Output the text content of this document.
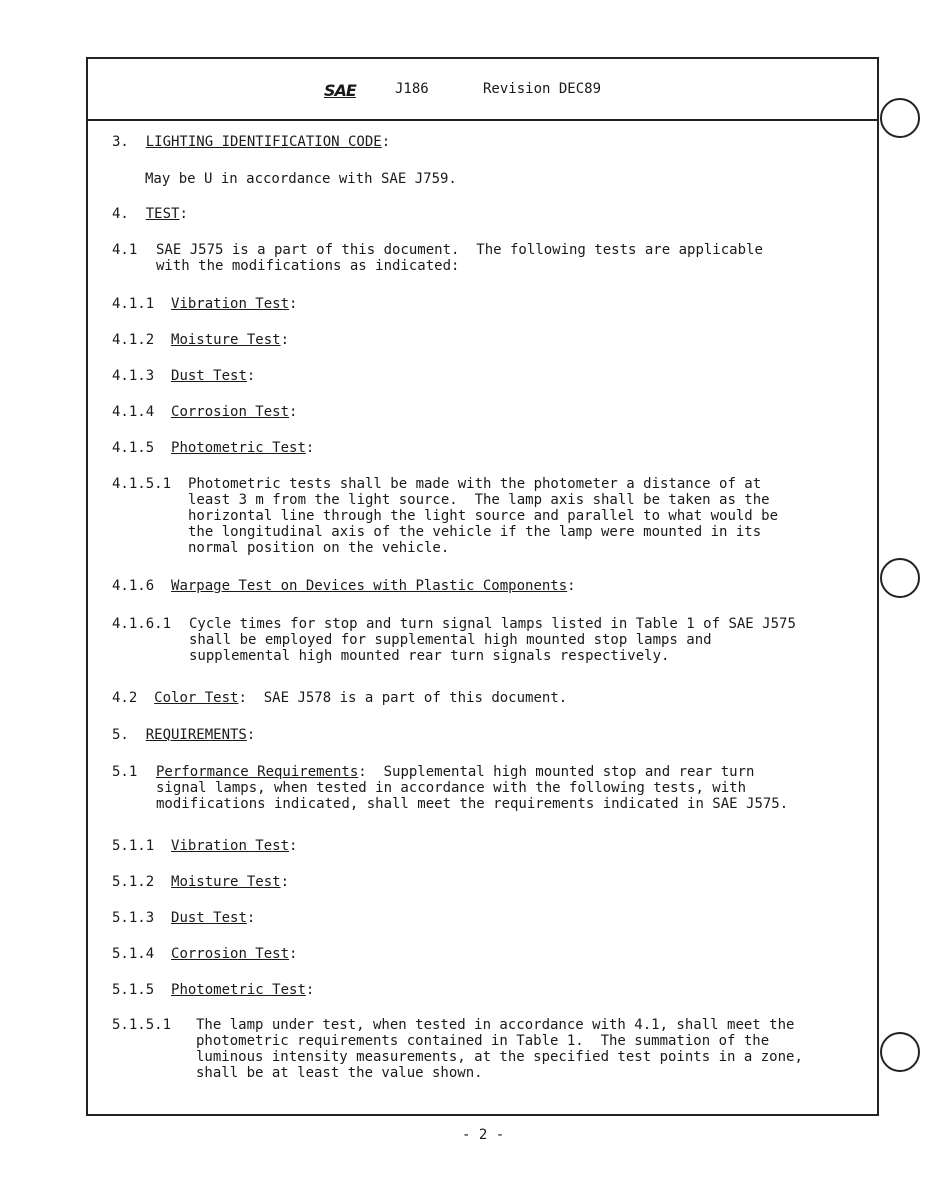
SAE	J186	Revision DEC89
3. LIGHTING IDENTIFICATION CODE:
May be U in accordance with SAE J759.
4. TEST:
4.1 SAE J575 is a part of this document.  The following tests are applicable
with the modifications as indicated:
4.1.1 Vibration Test:
4.1.2 Moisture Test:
4.1.3 Dust Test:
4.1.4 Corrosion Test:
4.1.5 Photometric Test:
4.1.5.1 Photometric tests shall be made with the photometer a distance of at
least 3 m from the light source.  The lamp axis shall be taken as the
horizontal line through the light source and parallel to what would be
the longitudinal axis of the vehicle if the lamp were mounted in its
normal position on the vehicle.
4.1.6 Warpage Test on Devices with Plastic Components:
4.1.6.1 Cycle times for stop and turn signal lamps listed in Table 1 of SAE J575
shall be employed for supplemental high mounted stop lamps and
supplemental high mounted rear turn signals respectively.
4.2 Color Test:  SAE J578 is a part of this document.
5. REQUIREMENTS:
5.1 Performance Requirements:  Supplemental high mounted stop and rear turn
signal lamps, when tested in accordance with the following tests, with
modifications indicated, shall meet the requirements indicated in SAE J575.
5.1.1 Vibration Test:
5.1.2 Moisture Test:
5.1.3 Dust Test:
5.1.4 Corrosion Test:
5.1.5 Photometric Test:
5.1.5.1 The lamp under test, when tested in accordance with 4.1, shall meet the
photometric requirements contained in Table 1.  The summation of the
luminous intensity measurements, at the specified test points in a zone,
shall be at least the value shown.
- 2 -
